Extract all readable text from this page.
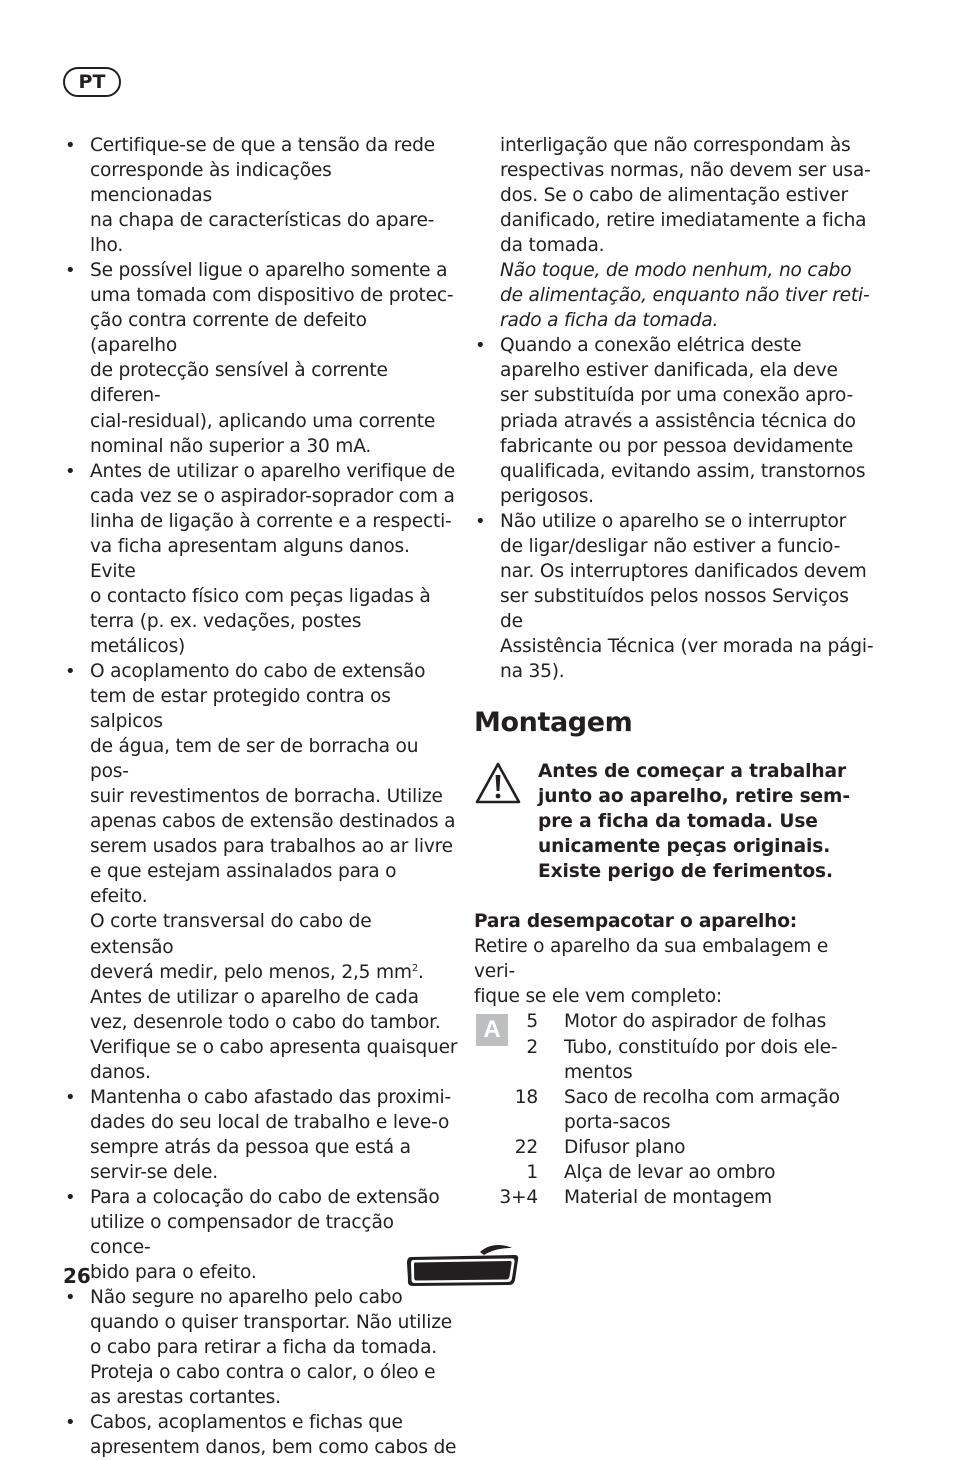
PT
• Certifique-se de que a tensão da rede
corresponde às indicações mencionadas
na chapa de características do apare-
lho.
• Se possível ligue o aparelho somente a
uma tomada com dispositivo de protec-
ção contra corrente de defeito (aparelho
de protecção sensível à corrente diferen-
cial-residual), aplicando uma corrente
nominal não superior a 30 mA.
• Antes de utilizar o aparelho verifique de
cada vez se o aspirador-soprador com a
linha de ligação à corrente e a respecti-
va ficha apresentam alguns danos. Evite
o contacto físico com peças ligadas à
terra (p. ex. vedações, postes metálicos)
• O acoplamento do cabo de extensão
tem de estar protegido contra os salpicos
de água, tem de ser de borracha ou pos-
suir revestimentos de borracha. Utilize
apenas cabos de extensão destinados a
serem usados para trabalhos ao ar livre
e que estejam assinalados para o efeito.
O corte transversal do cabo de extensão
deverá medir, pelo menos, 2,5 $mm^2$.
Antes de utilizar o aparelho de cada
vez, desenrole todo o cabo do tambor.
Verifique se o cabo apresenta quaisquer
danos.
• Mantenha o cabo afastado das proximi-
dades do seu local de trabalho e leve-o
sempre atrás da pessoa que está a
servir-se dele.
• Para a colocação do cabo de extensão
utilize o compensador de tracção conce-
bido para o efeito.
• Não segure no aparelho pelo cabo
quando o quiser transportar. Não utilize
o cabo para retirar a ficha da tomada.
Proteja o cabo contra o calor, o óleo e
as arestas cortantes.
• Cabos, acoplamentos e fichas que
apresentem danos, bem como cabos de
interligação que não correspondam às
respectivas normas, não devem ser usa-
dos. Se o cabo de alimentação estiver
danificado, retire imediatamente a ficha
da tomada.
Não toque, de modo nenhum, no cabo
de alimentação, enquanto não tiver reti-
rado a ficha da tomada.
• Quando a conexão elétrica deste
aparelho estiver danificada, ela deve
ser substituída por uma conexão apro-
priada através a assistência técnica do
fabricante ou por pessoa devidamente
qualificada, evitando assim, transtornos
perigosos.
• Não utilize o aparelho se o interruptor
de ligar/desligar não estiver a funcio-
nar. Os interruptores danificados devem
ser substituídos pelos nossos Serviços de
Assistência Técnica (ver morada na pági-
na 35).
Montagem
Antes de começar a trabalhar
junto ao aparelho, retire sem-
pre a ficha da tomada. Use
unicamente peças originais.
Existe perigo de ferimentos.
Para desempacotar o aparelho:
Retire o aparelho da sua embalagem e veri-
fique se ele vem completo:
A	5 Motor do aspirador de folhas
2 Tubo, constituído por dois ele-
mentos
18 Saco de recolha com armação
porta-sacos
22 Difusor plano
1 Alça de levar ao ombro
3+4 Material de montagem
26
